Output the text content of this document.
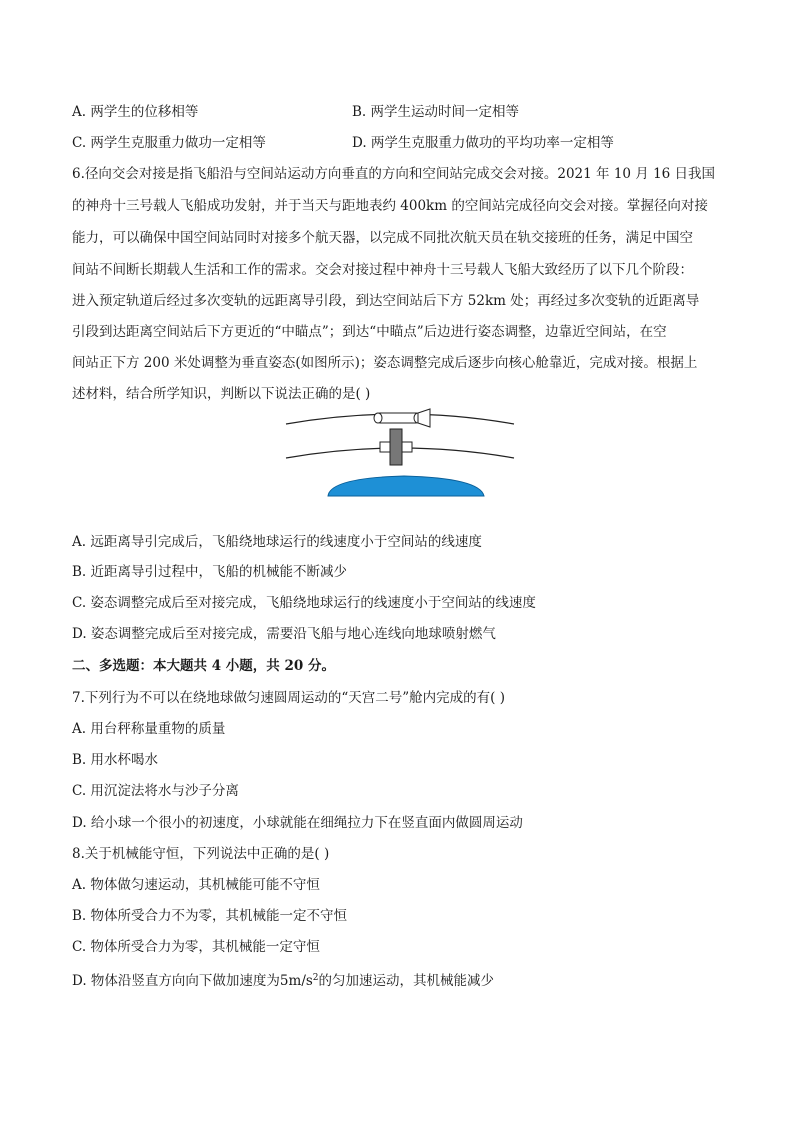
A. 两学生的位移相等	B. 两学生运动时间一定相等
C. 两学生克服重力做功一定相等	D. 两学生克服重力做功的平均功率一定相等
6.径向交会对接是指飞船沿与空间站运动方向垂直的方向和空间站完成交会对接。2021 年 10 月 16 日我国
的神舟十三号载人飞船成功发射，并于当天与距地表约 400km 的空间站完成径向交会对接。掌握径向对接
能力，可以确保中国空间站同时对接多个航天器，以完成不同批次航天员在轨交接班的任务，满足中国空
间站不间断长期载人生活和工作的需求。交会对接过程中神舟十三号载人飞船大致经历了以下几个阶段：
进入预定轨道后经过多次变轨的远距离导引段，到达空间站后下方 52km 处；再经过多次变轨的近距离导
引段到达距离空间站后下方更近的“中瞄点”；到达“中瞄点”后边进行姿态调整，边靠近空间站，在空
间站正下方 200 米处调整为垂直姿态(如图所示)；姿态调整完成后逐步向核心舱靠近，完成对接。根据上
述材料，结合所学知识，判断以下说法正确的是( )
A. 远距离导引完成后，飞船绕地球运行的线速度小于空间站的线速度
B. 近距离导引过程中，飞船的机械能不断减少
C. 姿态调整完成后至对接完成，飞船绕地球运行的线速度小于空间站的线速度
D. 姿态调整完成后至对接完成，需要沿飞船与地心连线向地球喷射燃气
二、多选题：本大题共 4 小题，共 20 分。
7.下列行为不可以在绕地球做匀速圆周运动的“天宫二号”舱内完成的有( )
A. 用台秤称量重物的质量
B. 用水杯喝水
C. 用沉淀法将水与沙子分离
D. 给小球一个很小的初速度，小球就能在细绳拉力下在竖直面内做圆周运动
8.关于机械能守恒，下列说法中正确的是( )
A. 物体做匀速运动，其机械能可能不守恒
B. 物体所受合力不为零，其机械能一定不守恒
C. 物体所受合力为零，其机械能一定守恒
D. 物体沿竖直方向向下做加速度为$5m/s^2$的匀加速运动，其机械能减少
